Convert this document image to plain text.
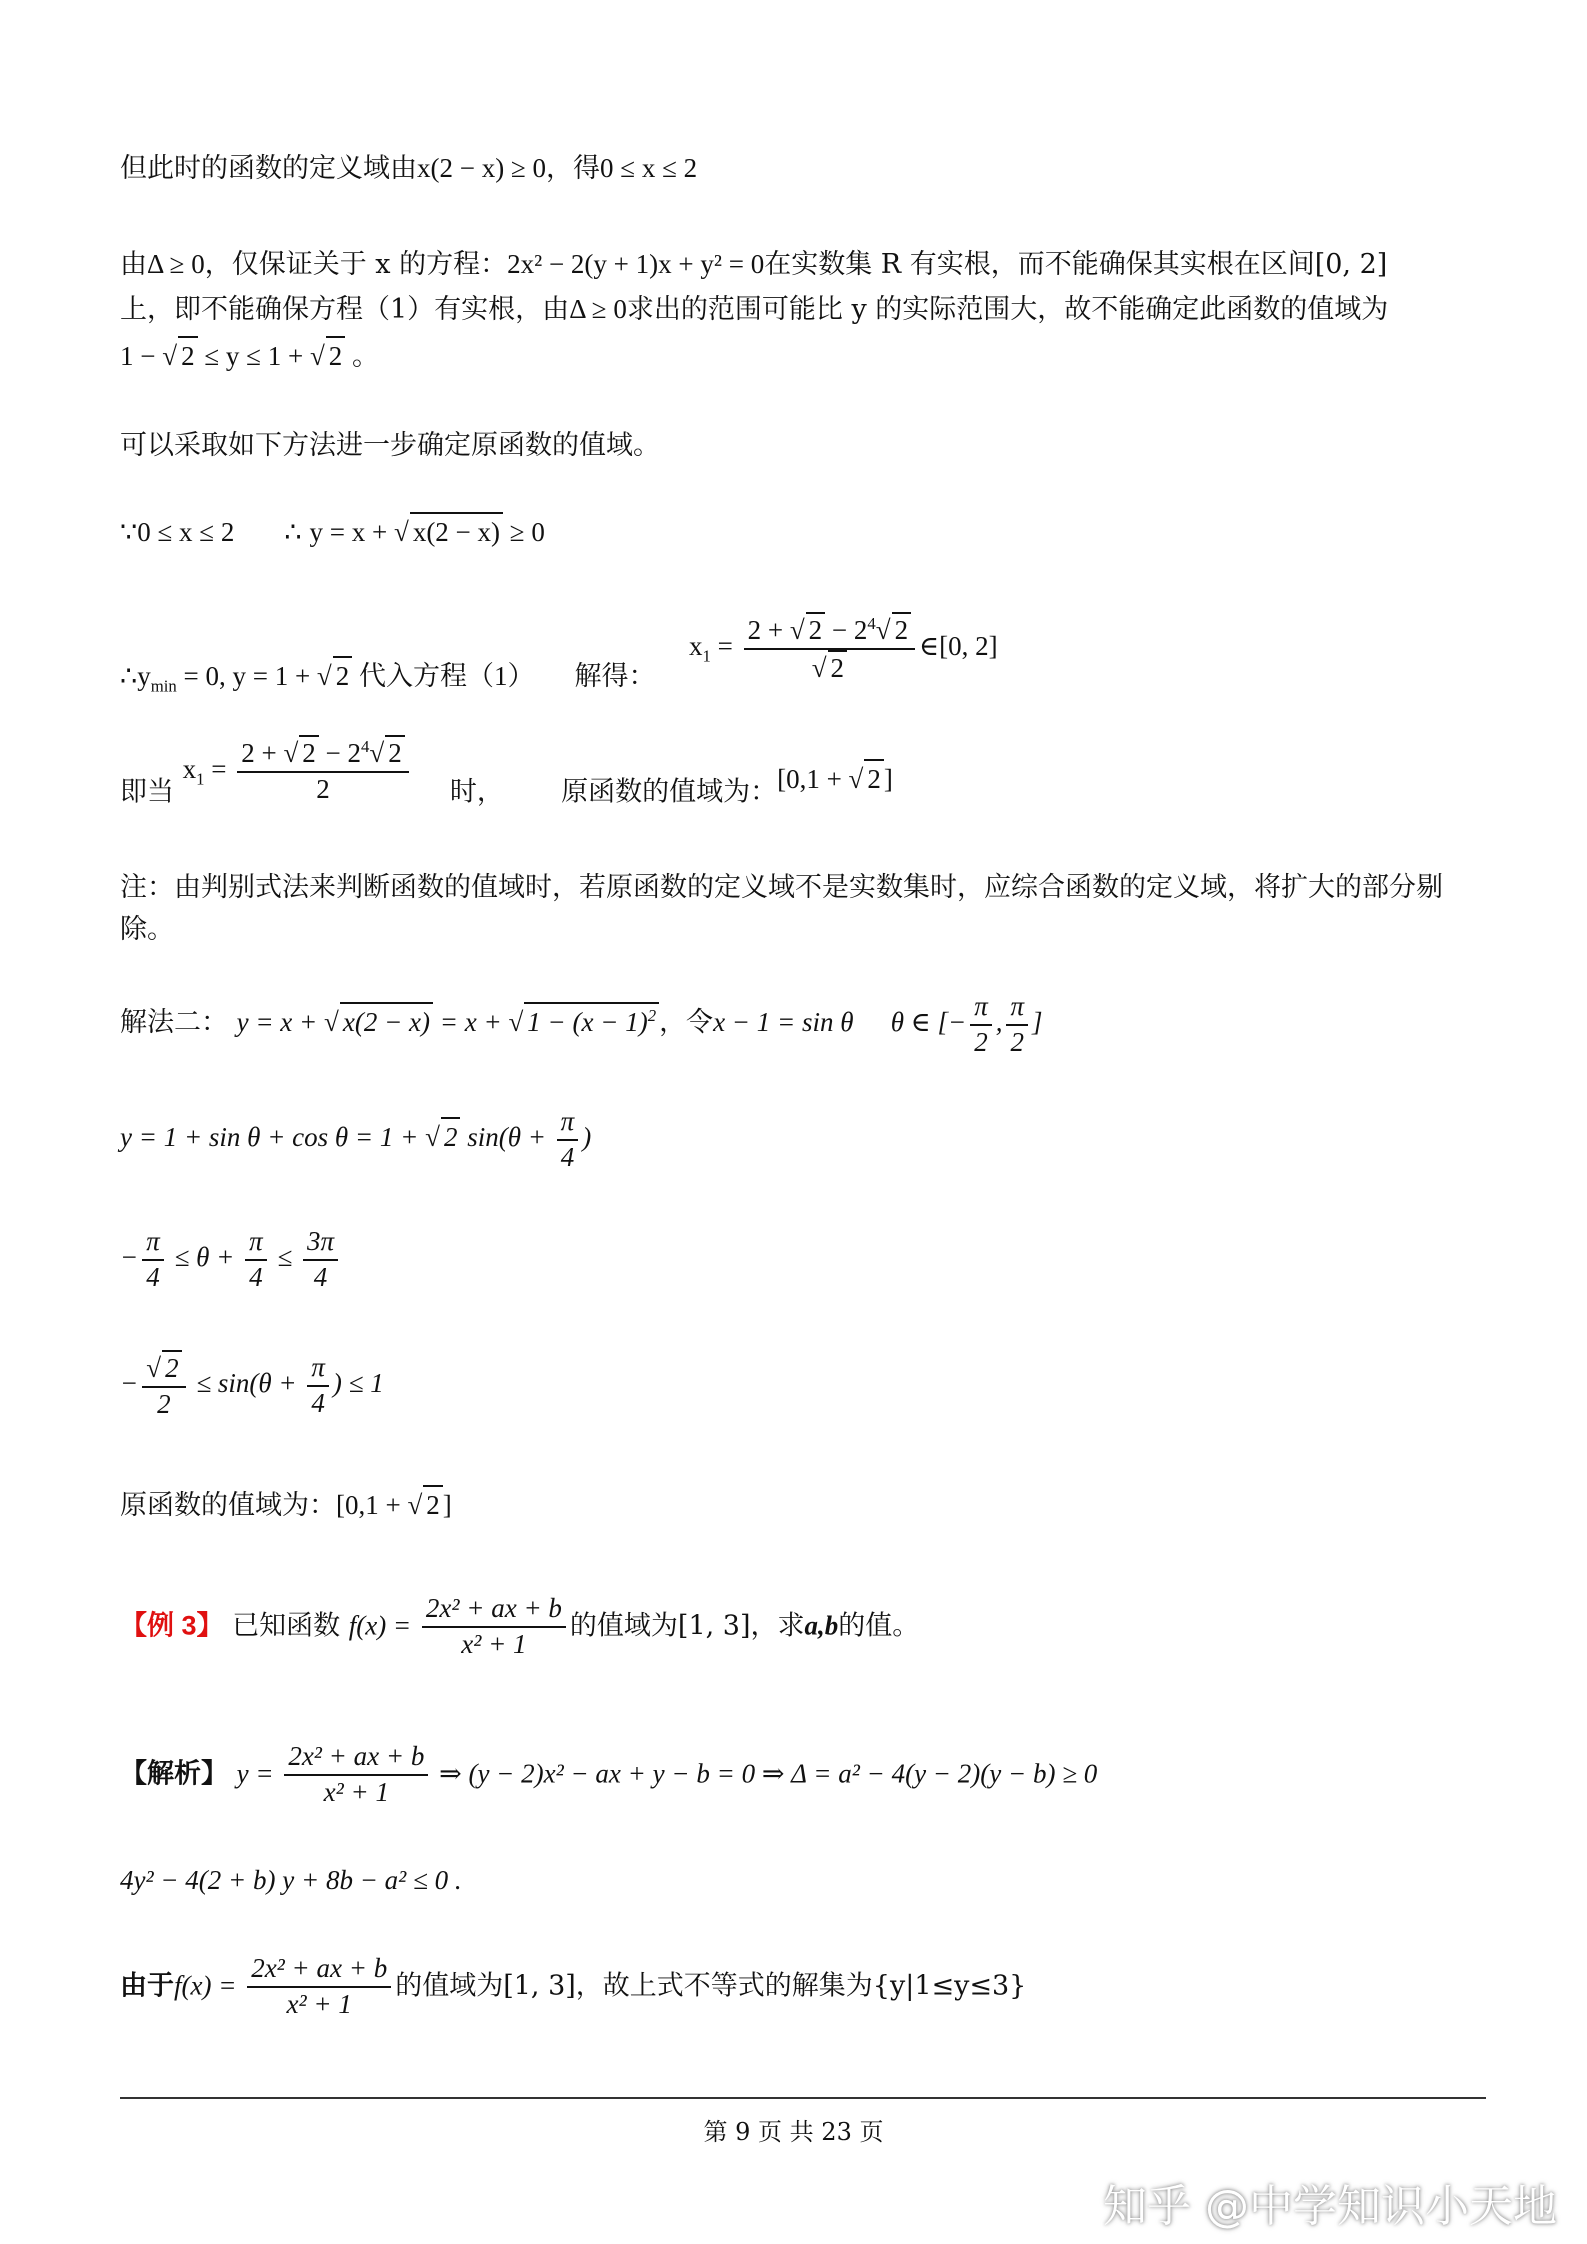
但此时的函数的定义域由x(2 − x) ≥ 0，得0 ≤ x ≤ 2
由Δ ≥ 0，仅保证关于 x 的方程：2x² − 2(y + 1)x + y² = 0在实数集 R 有实根，而不能确保其实根在区间[0, 2]
上，即不能确保方程（1）有实根，由Δ ≥ 0求出的范围可能比 y 的实际范围大，故不能确定此函数的值域为
1 − √ 2 ≤ y ≤ 1 + √ 2 。
可以采取如下方法进一步确定原函数的值域。
∵0 ≤ x ≤ 2 ∴ y = x + √ x(2 − x) ≥ 0
$\therefore y_{min} = 0$, y = 1 + √ 2 代入方程（1） 解得：  $x_1 = 2$ + √ $2 - 2^4√$ 2
√ 2 ∈[0, 2]
即当 $x_1 = \frac{2 + √ 2 - 2^4√ 2}{2}$ 时， 原函数的值域为：[0,1 + √ 2 ]
注：由判别式法来判断函数的值域时，若原函数的定义域不是实数集时，应综合函数的定义域，将扩大的部分剔
除。
解法二： y = x + √ x(2 − x) = x + √ $1 - (x - 1)^2$ ，令x − 1 = sin θ θ ∈ [− $\frac{\pi}{2}$ , $\frac{\pi}{2}$ ]
y = 1 + sin θ + cos θ = 1 + √ 2 $\sin(\theta + \frac{\pi}{4}$ )
− $\frac{\pi}{4} \le \theta + \frac{\pi}{4} \le \frac{3\pi}{4}$
−
√ $\frac{2}{2} \le \sin(\theta + \frac{\pi}{4}$ ) ≤ 1
原函数的值域为：[0,1 + √ 2 ]
【例 3】 已知函数 $f(x) = \frac{\text{2x² + ax + b}}{\text{x² + 1}}$ 的值域为[1, 3]，求a,b的值。
【解析】 $y = \frac{\text{2x² + ax + b}}{\text{x² + 1}}$ ⇒ (y − 2)x² − ax + y − b = 0 ⇒ Δ = a² − 4(y − 2)(y − b) ≥ 0
4y² − 4(2 + b) y + 8b − a² ≤ 0 .
由于$f(x) = \frac{\text{2x² + ax + b}}{\text{x² + 1}}$ 的值域为[1, 3]，故上式不等式的解集为{y|1≤y≤3}
第 9 页 共 23 页
知乎 @中学知识小天地
